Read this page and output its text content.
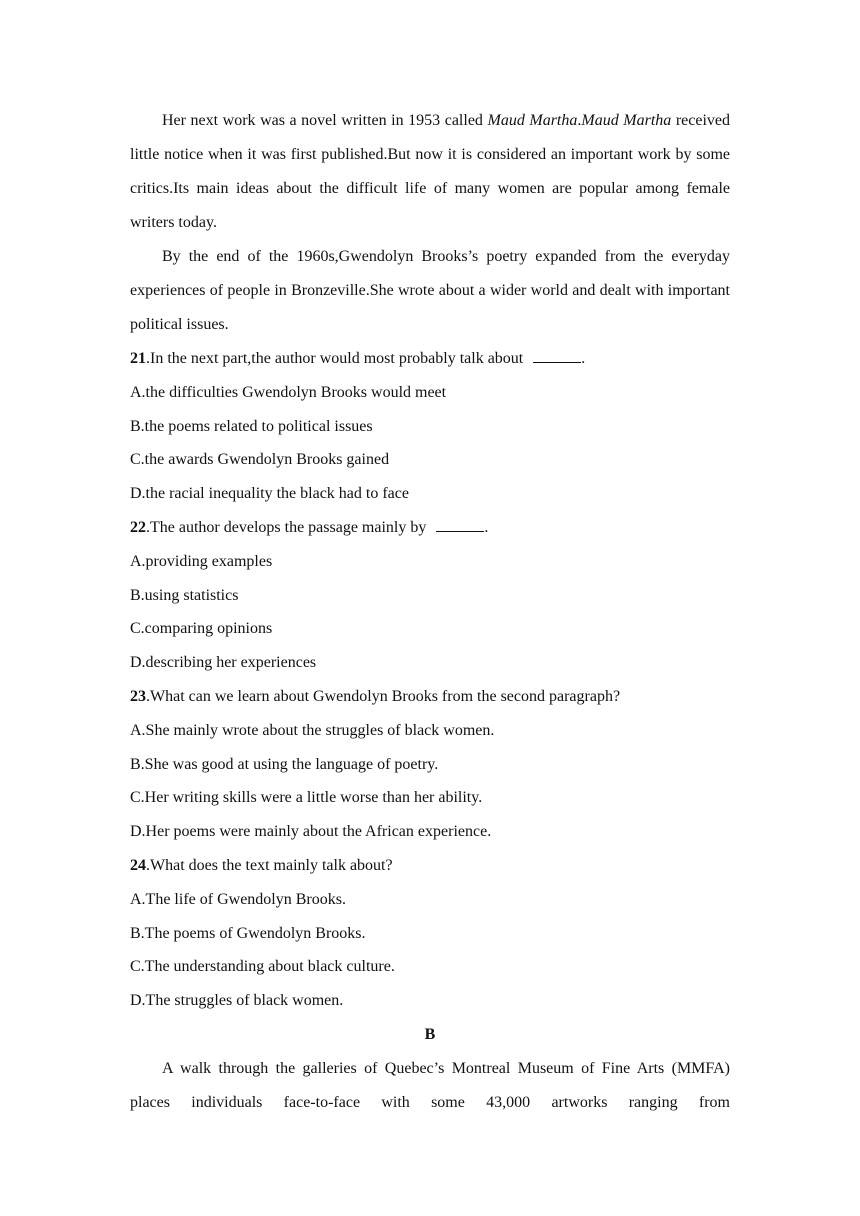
Her next work was a novel written in 1953 called Maud Martha.Maud Martha received little notice when it was first published.But now it is considered an important work by some critics.Its main ideas about the difficult life of many women are popular among female writers today.

By the end of the 1960s,Gwendolyn Brooks’s poetry expanded from the everyday experiences of people in Bronzeville.She wrote about a wider world and dealt with important political issues.

21.In the next part,the author would most probably talk about	.

A.the difficulties Gwendolyn Brooks would meet

B.the poems related to political issues

C.the awards Gwendolyn Brooks gained

D.the racial inequality the black had to face

22.The author develops the passage mainly by	.

A.providing examples

B.using statistics

C.comparing opinions

D.describing her experiences

23.What can we learn about Gwendolyn Brooks from the second paragraph?

A.She mainly wrote about the struggles of black women.

B.She was good at using the language of poetry.

C.Her writing skills were a little worse than her ability.

D.Her poems were mainly about the African experience.

24.What does the text mainly talk about?

A.The life of Gwendolyn Brooks.

B.The poems of Gwendolyn Brooks.

C.The understanding about black culture.

D.The struggles of black women.

B

A walk through the galleries of Quebec’s Montreal Museum of Fine Arts (MMFA) places individuals face-to-face with some 43,000 artworks ranging from
